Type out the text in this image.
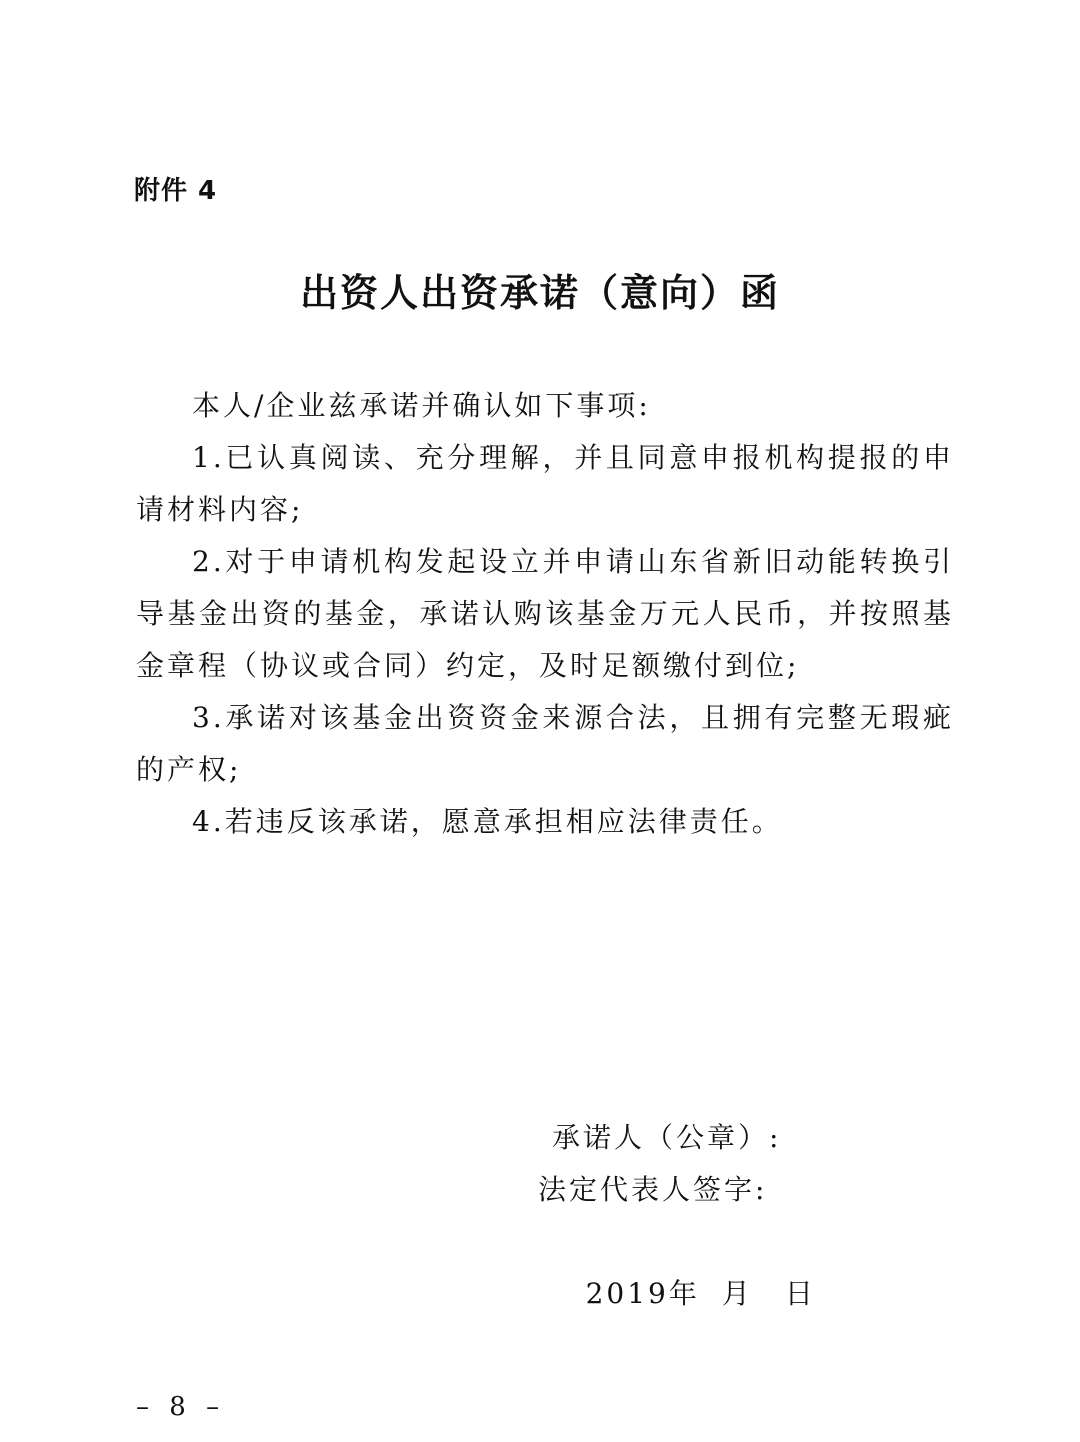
附件 4
出资人出资承诺（意向）函

本人/企业兹承诺并确认如下事项:

1.已认真阅读、充分理解，并且同意申报机构提报的申请材料内容;

2.对于申请机构发起设立并申请山东省新旧动能转换引导基金出资的基金，承诺认购该基金万元人民币，并按照基金章程（协议或合同）约定，及时足额缴付到位;

3.承诺对该基金出资资金来源合法，且拥有完整无瑕疵的产权;

4.若违反该承诺，愿意承担相应法律责任。

承诺人（公章）:
法定代表人签字:

2019年 月 日

– 8 –
